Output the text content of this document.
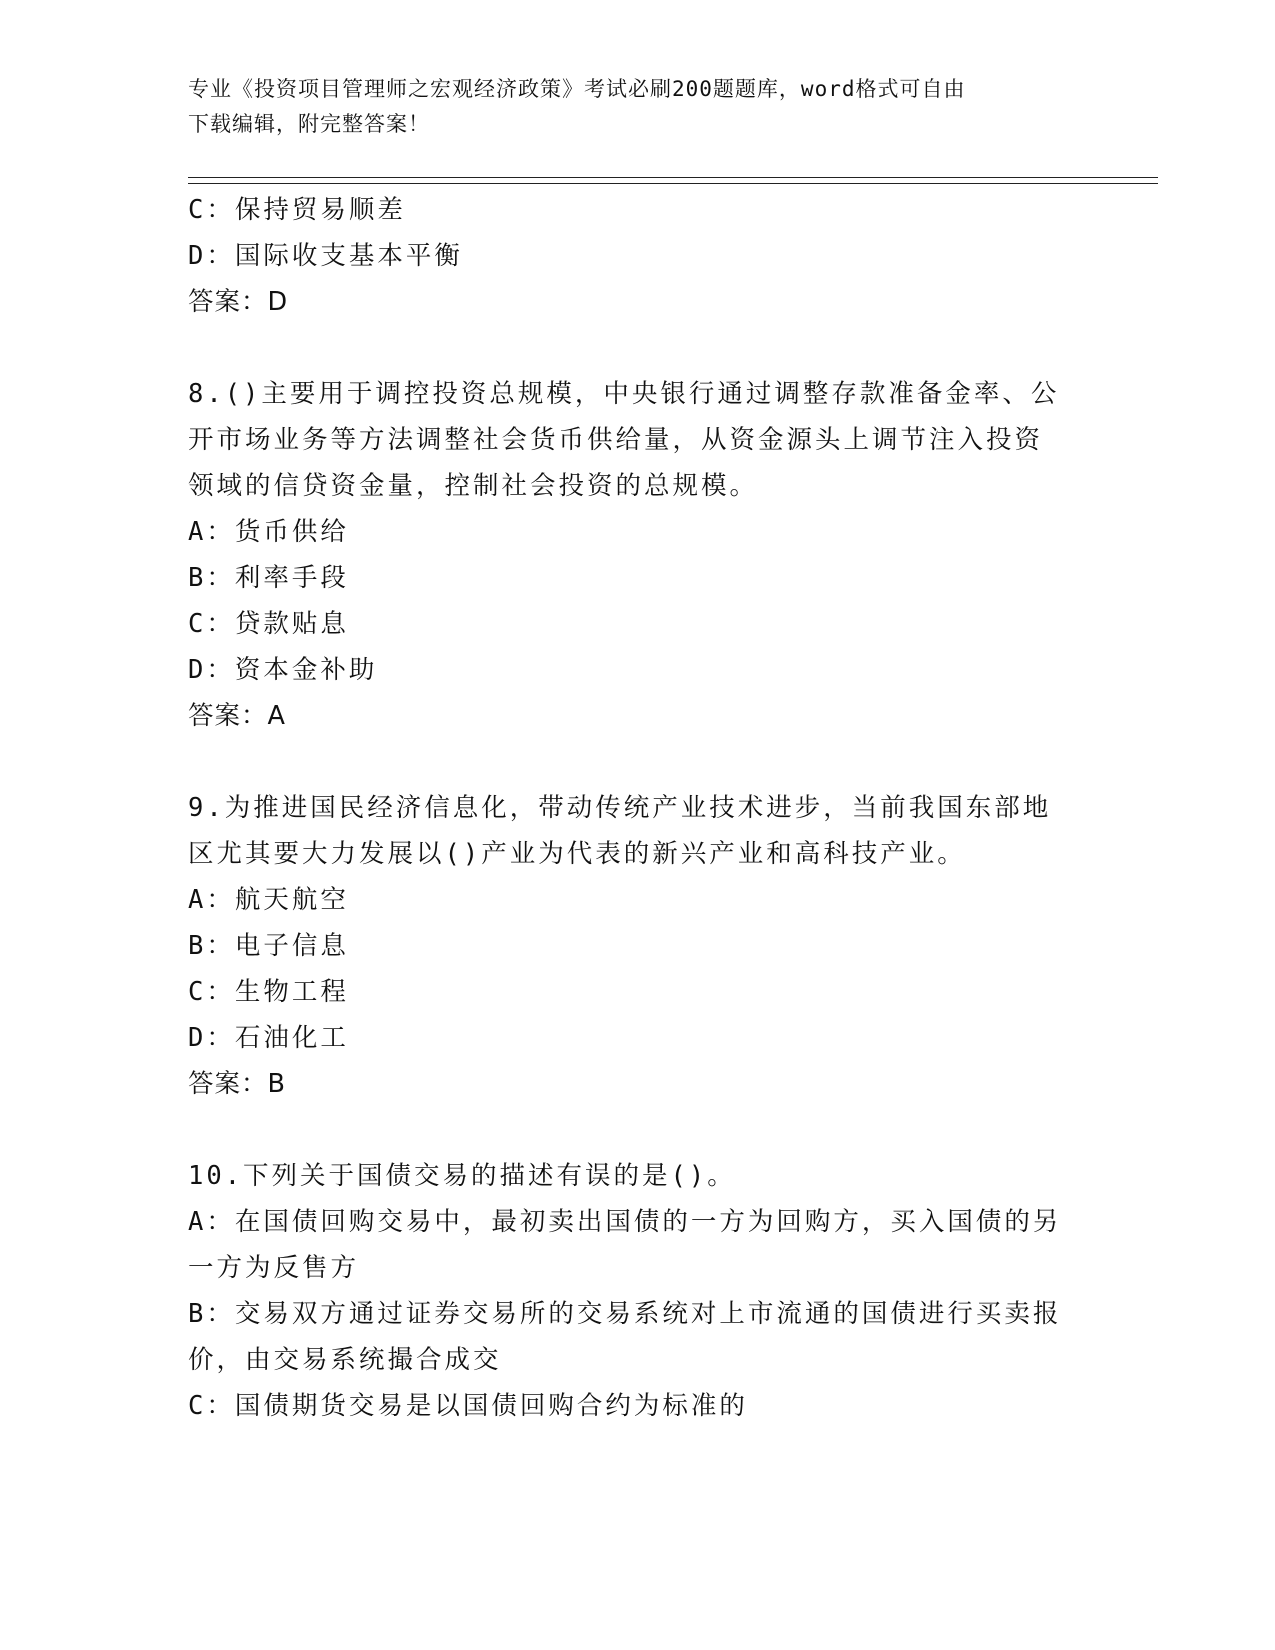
专业《投资项目管理师之宏观经济政策》考试必刷200题题库，word格式可自由
下载编辑，附完整答案！
C：保持贸易顺差
D：国际收支基本平衡
答案：D
8.()主要用于调控投资总规模，中央银行通过调整存款准备金率、公
开市场业务等方法调整社会货币供给量，从资金源头上调节注入投资
领域的信贷资金量，控制社会投资的总规模。
A：货币供给
B：利率手段
C：贷款贴息
D：资本金补助
答案：A
9.为推进国民经济信息化，带动传统产业技术进步，当前我国东部地
区尤其要大力发展以()产业为代表的新兴产业和高科技产业。
A：航天航空
B：电子信息
C：生物工程
D：石油化工
答案：B
10.下列关于国债交易的描述有误的是()。
A：在国债回购交易中，最初卖出国债的一方为回购方，买入国债的另
一方为反售方
B：交易双方通过证券交易所的交易系统对上市流通的国债进行买卖报
价，由交易系统撮合成交
C：国债期货交易是以国债回购合约为标准的
